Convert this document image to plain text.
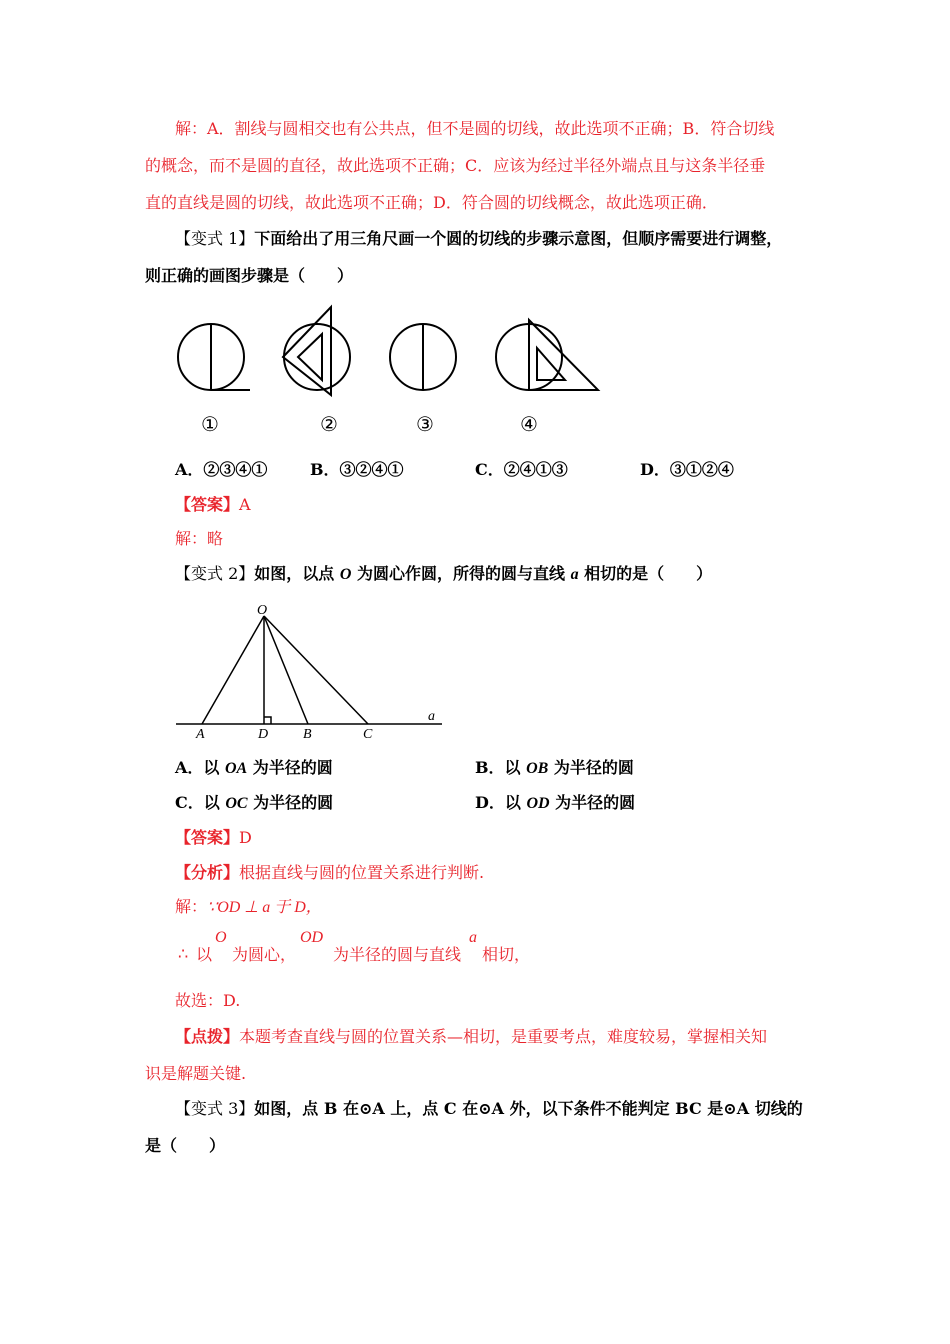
解：A．割线与圆相交也有公共点，但不是圆的切线，故此选项不正确；B．符合切线
的概念，而不是圆的直径，故此选项不正确；C．应该为经过半径外端点且与这条半径垂
直的直线是圆的切线，故此选项不正确；D．符合圆的切线概念，故此选项正确．
【变式 1】下面给出了用三角尺画一个圆的切线的步骤示意图，但顺序需要进行调整，
则正确的画图步骤是（　　）
①	②	③	④
A．②③④①	B．③②④①	C．②④①③	D．③①②④
【答案】A
解：略
【变式 2】如图，以点 O 为圆心作圆，所得的圆与直线 a 相切的是（　　）
O
A	D B	C
a
A．以 OA 为半径的圆	B．以 OB 为半径的圆
C．以 OC 为半径的圆	D．以 OD 为半径的圆
【答案】D
【分析】根据直线与圆的位置关系进行判断.
解：∵OD ⊥ a 于 D，
∴ 以
O
为圆心，
OD
为半径的圆与直线
a
相切，
故选：D.
【点拨】本题考查直线与圆的位置关系—相切，是重要考点，难度较易，掌握相关知
识是解题关键.
【变式 3】如图，点 B 在⊙A 上，点 C 在⊙A 外，以下条件不能判定 BC 是⊙A 切线的
是（　　）
